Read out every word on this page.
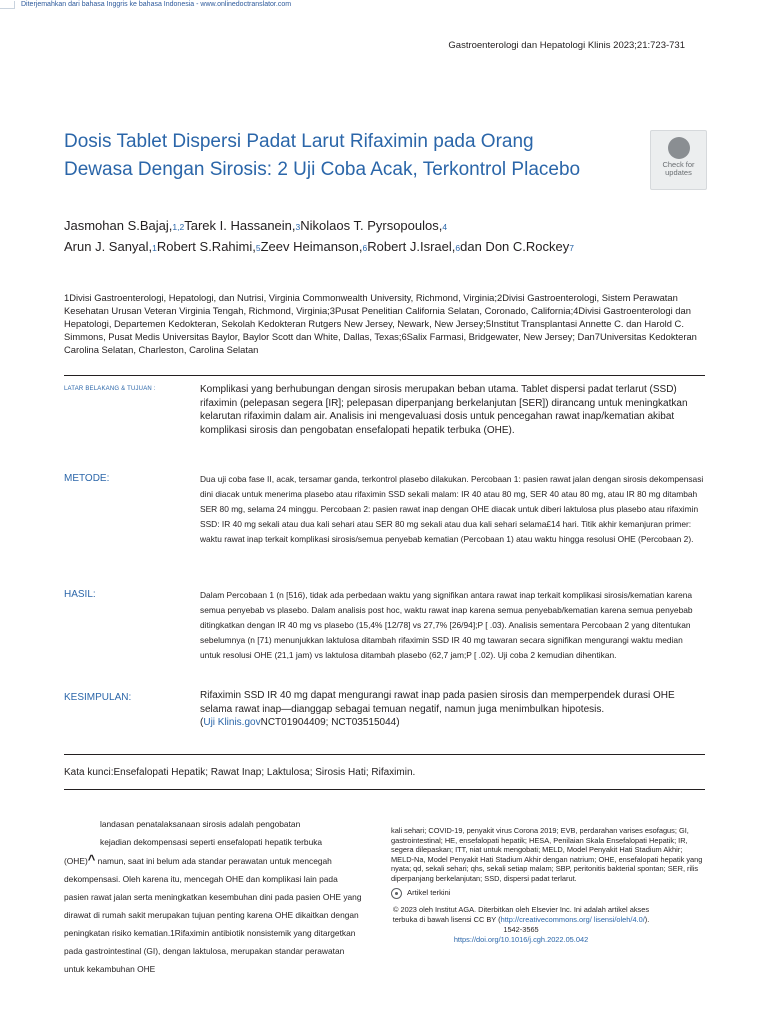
Diterjemahkan dari bahasa Inggris ke bahasa Indonesia - www.onlinedoctranslator.com
Gastroenterologi dan Hepatologi Klinis 2023;21:723-731
Dosis Tablet Dispersi Padat Larut Rifaximin pada Orang Dewasa Dengan Sirosis: 2 Uji Coba Acak, Terkontrol Placebo	Check for
updates
Jasmohan S.Bajaj,1,2Tarek I. Hassanein,3Nikolaos T. Pyrsopoulos,4
Arun J. Sanyal,1Robert S.Rahimi,5Zeev Heimanson,6Robert J.Israel,6dan Don C.Rockey7
1Divisi Gastroenterologi, Hepatologi, dan Nutrisi, Virginia Commonwealth University, Richmond, Virginia;2Divisi Gastroenterologi, Sistem Perawatan Kesehatan Urusan Veteran Virginia Tengah, Richmond, Virginia;3Pusat Penelitian California Selatan, Coronado, California;4Divisi Gastroenterologi dan Hepatologi, Departemen Kedokteran, Sekolah Kedokteran Rutgers New Jersey, Newark, New Jersey;5Institut Transplantasi Annette C. dan Harold C. Simmons, Pusat Medis Universitas Baylor, Baylor Scott dan White, Dallas, Texas;6Salix Farmasi, Bridgewater, New Jersey; Dan7Universitas Kedokteran Carolina Selatan, Charleston, Carolina Selatan
LATAR BELAKANG & TUJUAN :	Komplikasi yang berhubungan dengan sirosis merupakan beban utama. Tablet dispersi padat terlarut (SSD) rifaximin (pelepasan segera [IR]; pelepasan diperpanjang berkelanjutan [SER]) dirancang untuk meningkatkan kelarutan rifaximin dalam air. Analisis ini mengevaluasi dosis untuk pencegahan rawat inap/kematian akibat komplikasi sirosis dan pengobatan ensefalopati hepatik terbuka (OHE).
METODE:	Dua uji coba fase II, acak, tersamar ganda, terkontrol plasebo dilakukan. Percobaan 1: pasien rawat jalan dengan sirosis dekompensasi dini diacak untuk menerima plasebo atau rifaximin SSD sekali malam: IR 40 atau 80 mg, SER 40 atau 80 mg, atau IR 80 mg ditambah SER 80 mg, selama 24 minggu. Percobaan 2: pasien rawat inap dengan OHE diacak untuk diberi laktulosa plus plasebo atau rifaximin SSD: IR 40 mg sekali atau dua kali sehari atau SER 80 mg sekali atau dua kali sehari selama£14 hari. Titik akhir kemanjuran primer: waktu rawat inap terkait komplikasi sirosis/semua penyebab kematian (Percobaan 1) atau waktu hingga resolusi OHE (Percobaan 2).
HASIL:	Dalam Percobaan 1 (n [516), tidak ada perbedaan waktu yang signifikan antara rawat inap terkait komplikasi sirosis/kematian karena semua penyebab vs plasebo. Dalam analisis post hoc, waktu rawat inap karena semua penyebab/kematian karena semua penyebab ditingkatkan dengan IR 40 mg vs plasebo (15,4% [12/78] vs 27,7% [26/94];P [ .03). Analisis sementara Percobaan 2 yang ditentukan sebelumnya (n [71) menunjukkan laktulosa ditambah rifaximin SSD IR 40 mg tawaran secara signifikan mengurangi waktu median untuk resolusi OHE (21,1 jam) vs laktulosa ditambah plasebo (62,7 jam;P [ .02). Uji coba 2 kemudian dihentikan.
KESIMPULAN:	Rifaximin SSD IR 40 mg dapat mengurangi rawat inap pada pasien sirosis dan memperpendek durasi OHE selama rawat inap—dianggap sebagai temuan negatif, namun juga menimbulkan hipotesis.
(Uji Klinis.govNCT01904409; NCT03515044)
Kata kunci:Ensefalopati Hepatik; Rawat Inap; Laktulosa; Sirosis Hati; Rifaximin.

landasan penatalaksanaan sirosis adalah pengobatan

kejadian dekompensasi seperti ensefalopati hepatik terbuka

(OHE)^ namun, saat ini belum ada standar perawatan untuk mencegah dekompensasi. Oleh karena itu, mencegah OHE dan komplikasi lain pada pasien rawat jalan serta meningkatkan kesembuhan dini pada pasien OHE yang dirawat di rumah sakit merupakan tujuan penting karena OHE dikaitkan dengan peningkatan risiko kematian.1Rifaximin antibiotik nonsistemik yang ditargetkan pada gastrointestinal (GI), dengan laktulosa, merupakan standar perawatan untuk kekambuhan OHE

kali sehari; COVID-19, penyakit virus Corona 2019; EVB, perdarahan varises esofagus; GI, gastrointestinal; HE, ensefalopati hepatik; HESA, Penilaian Skala Ensefalopati Hepatik; IR, segera dilepaskan; ITT, niat untuk mengobati; MELD, Model Penyakit Hati Stadium Akhir; MELD-Na, Model Penyakit Hati Stadium Akhir dengan natrium; OHE, ensefalopati hepatik yang nyata; qd, sekali sehari; qhs, sekali setiap malam; SBP, peritonitis bakterial spontan; SER, rilis diperpanjang berkelanjutan; SSD, dispersi padat terlarut.

Artikel terkini
© 2023 oleh Institut AGA. Diterbitkan oleh Elsevier Inc. Ini adalah artikel akses terbuka di bawah lisensi CC BY (http://creativecommons.org/ lisensi/oleh/4.0/).
1542-3565
https://doi.org/10.1016/j.cgh.2022.05.042
